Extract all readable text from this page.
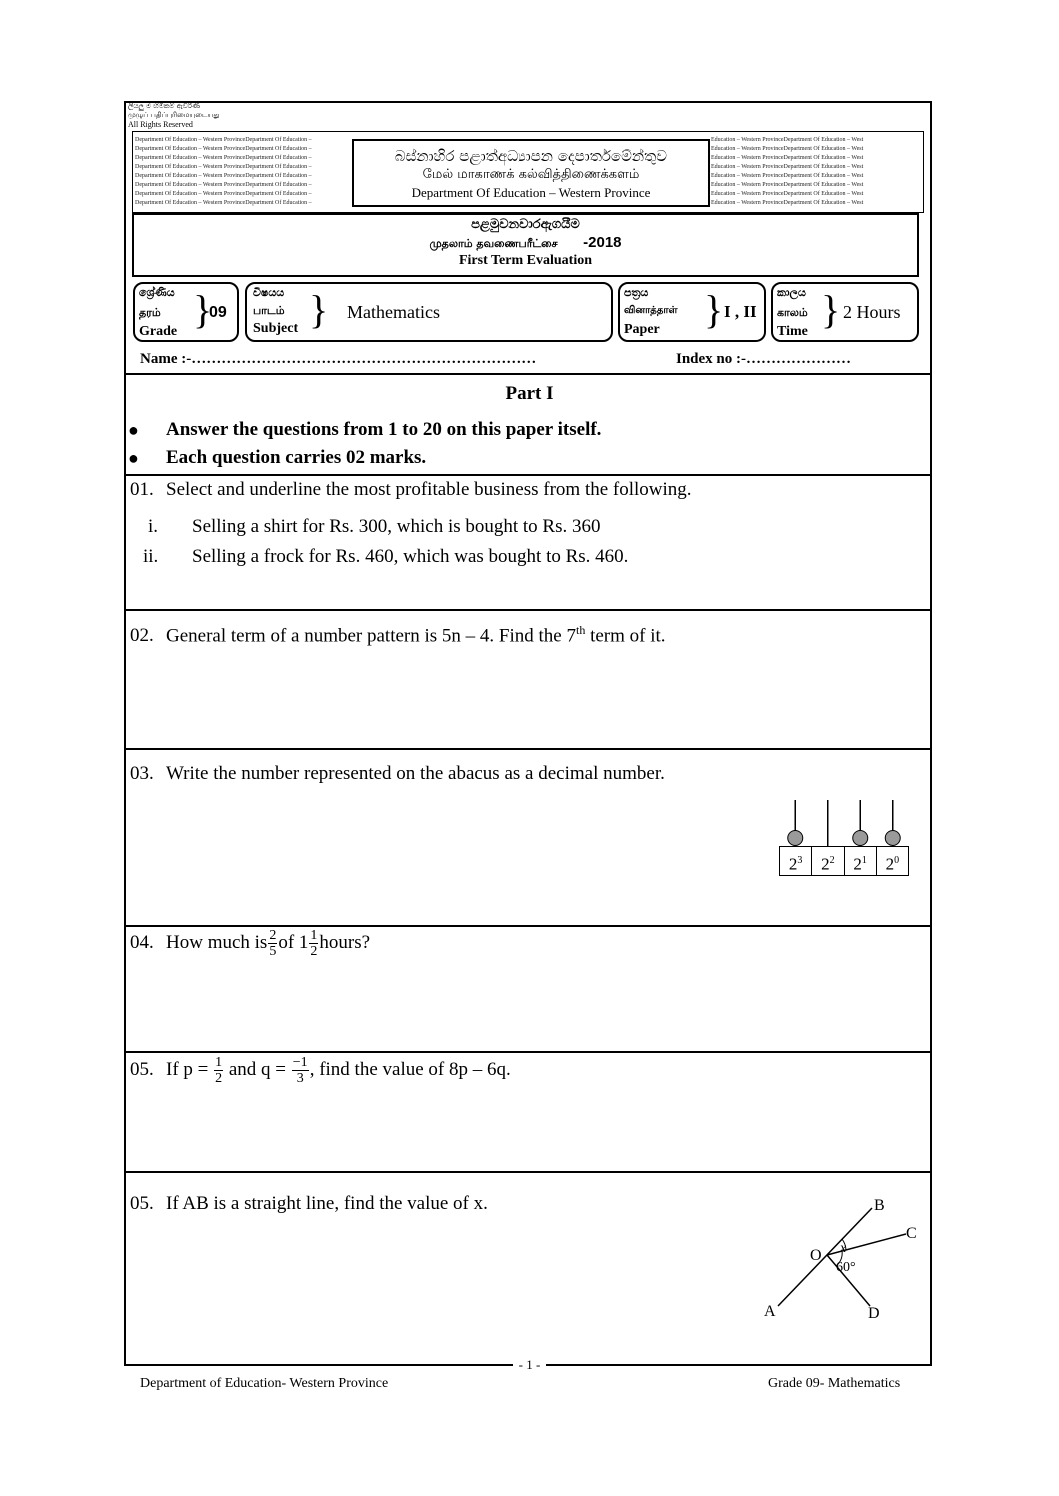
ලියලු ම හිමිකම් ඇවිරිණි
முழுப் பதிப்புரிமையுடையது
All Rights Reserved
Department Of Education – Western ProvinceDepartment Of Education –
Department Of Education – Western ProvinceDepartment Of Education –
Department Of Education – Western ProvinceDepartment Of Education –
Department Of Education – Western ProvinceDepartment Of Education –
Department Of Education – Western ProvinceDepartment Of Education –
Department Of Education – Western ProvinceDepartment Of Education –
Department Of Education – Western ProvinceDepartment Of Education –
Department Of Education – Western ProvinceDepartment Of Education –
Education – Western ProvinceDepartment Of Education – West
Education – Western ProvinceDepartment Of Education – West
Education – Western ProvinceDepartment Of Education – West
Education – Western ProvinceDepartment Of Education – West
Education – Western ProvinceDepartment Of Education – West
Education – Western ProvinceDepartment Of Education – West
Education – Western ProvinceDepartment Of Education – West
Education – Western ProvinceDepartment Of Education – West
බස්නාහිර පළාත්අධ්‍යාපන දෙපාර්තමේන්තුව
மேல் மாகாணக் கல்வித்திணைக்களம்
Department Of Education – Western Province
පළමුවනවාරඇගයීම
முதலாம் தவணைபரீட்சை -2018
First Term Evaluation
ශ්‍රේණිය
தரம்
Grade }
09
විෂයය
பாடம்
Subject } Mathematics
පත්‍රය
வினாத்தாள்
Paper } I , II
කාලය
காலம்
Time } 2 Hours
Name :-……………………………………………………………	Index no :-…………………
Part I
● Answer the questions from 1 to 20 on this paper itself.
● Each question carries 02 marks.
01. Select and underline the most profitable business from the following.
i. Selling a shirt for Rs. 300, which is bought to Rs. 360
ii. Selling a frock for Rs. 460, which was bought to Rs. 460.
02. General term of a number pattern is 5n – 4. Find the 7th term of it.
03. Write the number represented on the abacus as a decimal number.
$2^3$	$2^2$	$2^1$	$2^0$
04. How much is $\frac{2}{5}$ of $1 \frac{1}{2}$ hours?
05. If $p = \frac{1}{2}$ and $q = \frac{-1}{3}$ , find the value of 8p – 6q.
05. If AB is a straight line, find the value of x.
A
B
C
D
O x
60°
- 1 -
Department of Education- Western Province	Grade 09- Mathematics
